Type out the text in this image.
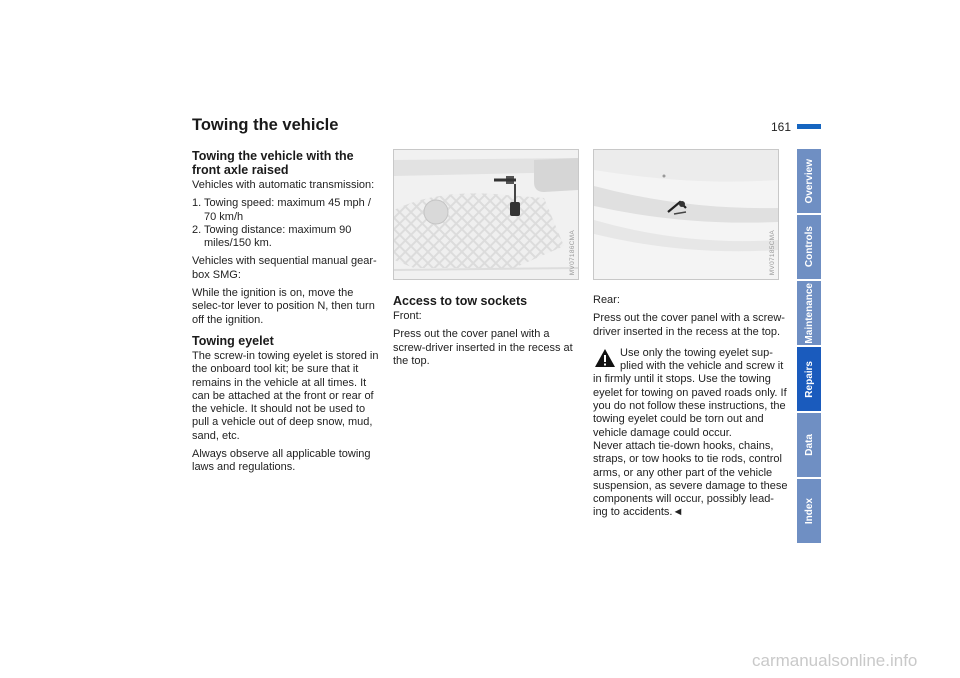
Towing the vehicle	161
Towing the vehicle with the front axle raised

Vehicles with automatic transmission:

1. Towing speed: maximum 45 mph / 70 km/h
2. Towing distance: maximum 90 miles/150 km.

Vehicles with sequential manual gear-box SMG:

While the ignition is on, move the selec-tor lever to position N, then turn off the ignition.

Towing eyelet

The screw-in towing eyelet is stored in the onboard tool kit; be sure that it remains in the vehicle at all times. It can be attached at the front or rear of the vehicle. It should not be used to pull a vehicle out of deep snow, mud, sand, etc.

Always observe all applicable towing laws and regulations.

MV07186CMA
Access to tow sockets

Front:

Press out the cover panel with a screw-driver inserted in the recess at the top.

MV07185CMA

Rear:

Press out the cover panel with a screw-driver inserted in the recess at the top.

Use only the towing eyelet sup-plied with the vehicle and screw it
in firmly until it stops. Use the towing eyelet for towing on paved roads only. If you do not follow these instructions, the towing eyelet could be torn out and vehicle damage could occur.
Never attach tie-down hooks, chains, straps, or tow hooks to tie rods, control arms, or any other part of the vehicle suspension, as severe damage to these components will occur, possibly lead-ing to accidents.◄
Overview
Controls
Maintenance
Repairs
Data
Index
carmanualsonline.info
